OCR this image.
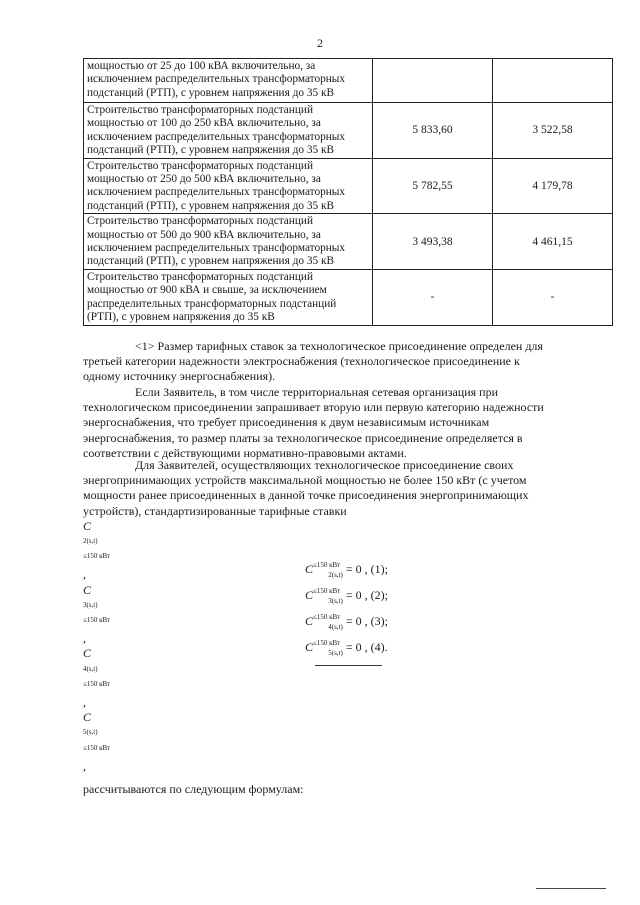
2
мощностью от 25 до 100 кВА включительно, за
исключением распределительных трансформаторных
подстанций (РТП), с уровнем напряжения до 35 кВ		

Строительство трансформаторных подстанций
мощностью от 100 до 250 кВА включительно, за
исключением распределительных трансформаторных
подстанций (РТП), с уровнем напряжения до 35 кВ	5 833,60	3 522,58

Строительство трансформаторных подстанций
мощностью от 250 до 500 кВА включительно, за
исключением распределительных трансформаторных
подстанций (РТП), с уровнем напряжения до 35 кВ	5 782,55	4 179,78

Строительство трансформаторных подстанций
мощностью от 500 до 900 кВА включительно, за
исключением распределительных трансформаторных
подстанций (РТП), с уровнем напряжения до 35 кВ	3 493,38	4 461,15

Строительство трансформаторных подстанций
мощностью от 900 кВА и свыше, за исключением
распределительных трансформаторных подстанций
(РТП), с уровнем напряжения до 35 кВ	-	-
<1> Размер тарифных ставок за технологическое присоединение определен для
третьей категории надежности электроснабжения (технологическое присоединение к
одному источнику энергоснабжения).
Если Заявитель, в том числе территориальная сетевая организация при
технологическом присоединении запрашивает вторую или первую категорию надежности
энергоснабжения, что требует присоединения к двум независимым источникам
энергоснабжения, то размер платы за технологическое присоединение определяется в
соответствии с действующими нормативно-правовыми актами.
Для Заявителей, осуществляющих технологическое присоединение своих
энергопринимающих устройств максимальной мощностью не более 150 кВт (с учетом
мощности ранее присоединенных в данной точке присоединения энергопринимающих
устройств), стандартизированные тарифные ставки
C
2(s,t)
$^{\le 150 кВт}$
,
C
3(s,t)
$^{\le 150 кВт}$
,
C
4(s,t)
$^{\le 150 кВт}$
,
C
5(s,t)
$^{\le 150 кВт}$
,
рассчитываются по следующим формулам:
$C^{\le 150 кВт}_{2(s,t)} = 0$ , (1);
$C^{\le 150 кВт}_{3(s,t)} = 0$ , (2);
$C^{\le 150 кВт}_{4(s,t)} = 0$ , (3);
$C^{\le 150 кВт}_{5(s,t)} = 0$ , (4).
